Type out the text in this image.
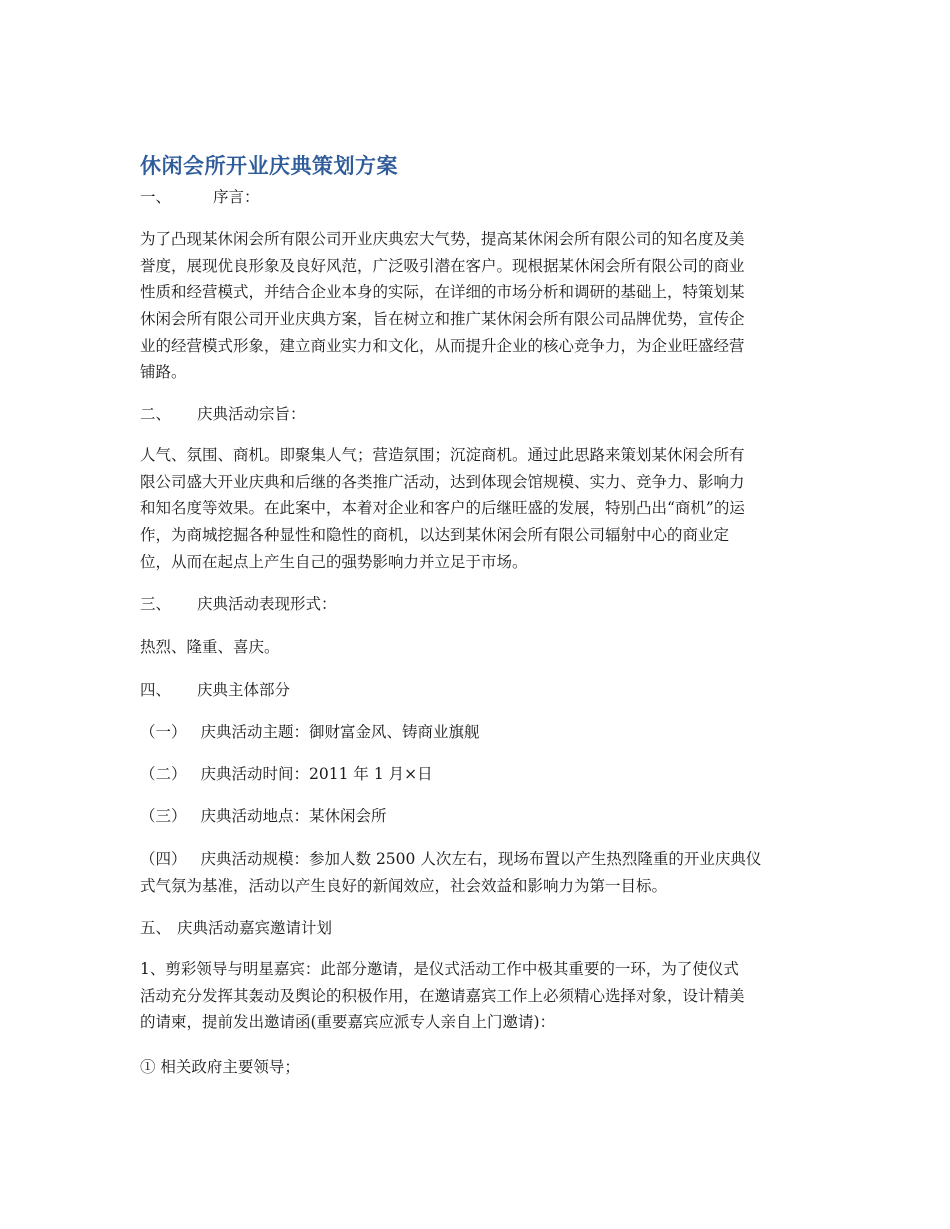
休闲会所开业庆典策划方案
一、	序言：
为了凸现某休闲会所有限公司开业庆典宏大气势，提高某休闲会所有限公司的知名度及美
誉度，展现优良形象及良好风范，广泛吸引潜在客户。现根据某休闲会所有限公司的商业
性质和经营模式，并结合企业本身的实际，在详细的市场分析和调研的基础上，特策划某
休闲会所有限公司开业庆典方案，旨在树立和推广某休闲会所有限公司品牌优势，宣传企
业的经营模式形象，建立商业实力和文化，从而提升企业的核心竞争力，为企业旺盛经营
铺路。
二、 庆典活动宗旨：
人气、氛围、商机。即聚集人气；营造氛围；沉淀商机。通过此思路来策划某休闲会所有
限公司盛大开业庆典和后继的各类推广活动，达到体现会馆规模、实力、竞争力、影响力
和知名度等效果。在此案中，本着对企业和客户的后继旺盛的发展，特别凸出“商机”的运
作，为商城挖掘各种显性和隐性的商机，以达到某休闲会所有限公司辐射中心的商业定
位，从而在起点上产生自己的强势影响力并立足于市场。
三、 庆典活动表现形式：
热烈、隆重、喜庆。
四、 庆典主体部分
（一） 庆典活动主题：御财富金风、铸商业旗舰
（二） 庆典活动时间：2011 年 1 月×日
（三） 庆典活动地点：某休闲会所
（四） 庆典活动规模：参加人数 2500 人次左右，现场布置以产生热烈隆重的开业庆典仪
式气氛为基准，活动以产生良好的新闻效应，社会效益和影响力为第一目标。
五、 庆典活动嘉宾邀请计划
1、剪彩领导与明星嘉宾：此部分邀请，是仪式活动工作中极其重要的一环，为了使仪式
活动充分发挥其轰动及舆论的积极作用，在邀请嘉宾工作上必须精心选择对象，设计精美
的请柬，提前发出邀请函(重要嘉宾应派专人亲自上门邀请)：
① 相关政府主要领导；
